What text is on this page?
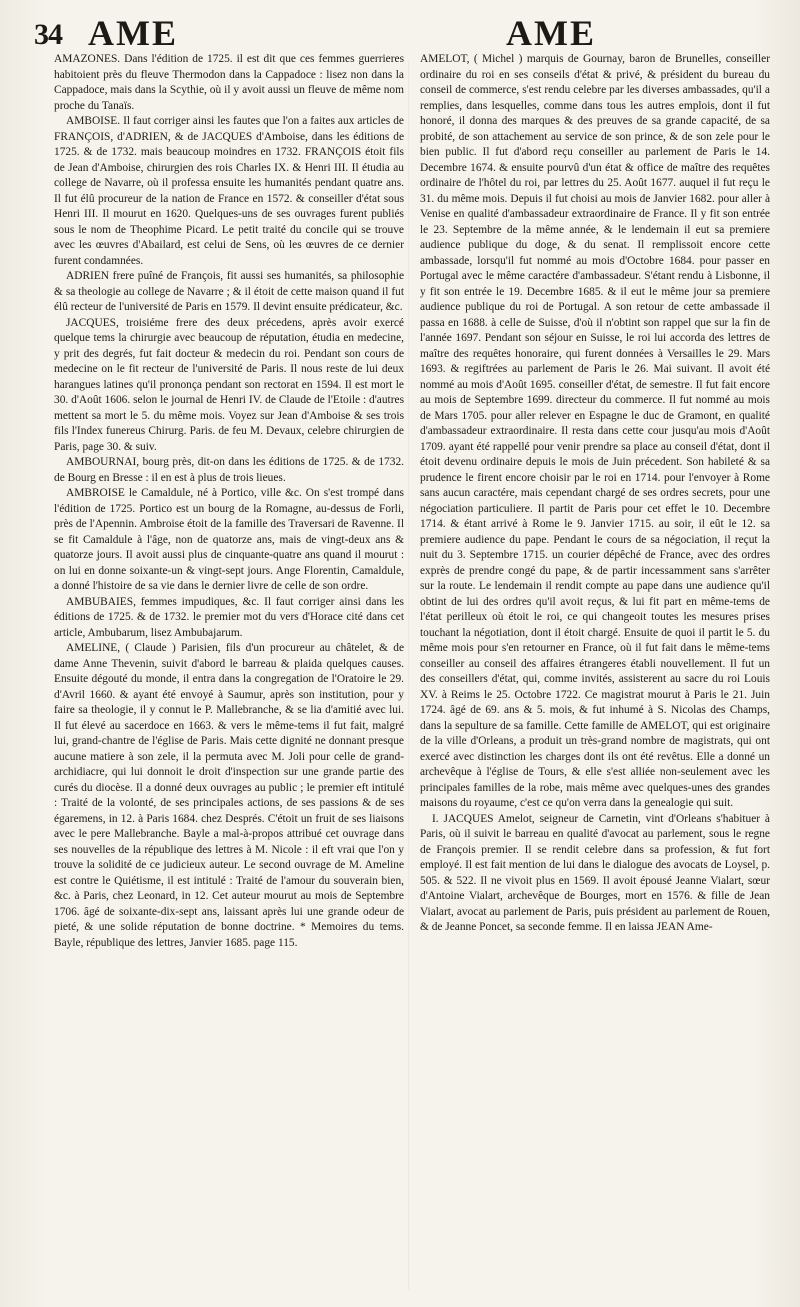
34 AME	AME

AMAZONES. Dans l'édition de 1725. il est dit que ces femmes guerrieres habitoient près du fleuve Thermodon dans la Cappadoce : lisez non dans la Cappadoce, mais dans la Scythie, où il y avoit aussi un fleuve de même nom proche du Tanaïs.

AMBOISE. Il faut corriger ainsi les fautes que l'on a faites aux articles de FRANÇOIS, d'ADRIEN, & de JACQUES d'Amboise, dans les éditions de 1725. & de 1732. mais beaucoup moindres en 1732. FRANÇOIS étoit fils de Jean d'Amboise, chirurgien des rois Charles IX. & Henri III. Il étudia au college de Navarre, où il professa ensuite les humanités pendant quatre ans. Il fut élû procureur de la nation de France en 1572. & conseiller d'état sous Henri III. Il mourut en 1620. Quelques-uns de ses ouvrages furent publiés sous le nom de Theophime Picard. Le petit traité du concile qui se trouve avec les œuvres d'Abailard, est celui de Sens, où les œuvres de ce dernier furent condamnées.

ADRIEN frere puîné de François, fit aussi ses humanités, sa philosophie & sa theologie au college de Navarre ; & il étoit de cette maison quand il fut élû recteur de l'université de Paris en 1579. Il devint ensuite prédicateur, &c.

JACQUES, troisiéme frere des deux précedens, après avoir exercé quelque tems la chirurgie avec beaucoup de réputation, étudia en medecine, y prit des degrés, fut fait docteur & medecin du roi. Pendant son cours de medecine on le fit recteur de l'université de Paris. Il nous reste de lui deux harangues latines qu'il prononça pendant son rectorat en 1594. Il est mort le 30. d'Août 1606. selon le journal de Henri IV. de Claude de l'Etoile : d'autres mettent sa mort le 5. du même mois. Voyez sur Jean d'Amboise & ses trois fils l'Index funereus Chirurg. Paris. de feu M. Devaux, celebre chirurgien de Paris, page 30. & suiv.

AMBOURNAI, bourg près, dit-on dans les éditions de 1725. & de 1732. de Bourg en Bresse : il en est à plus de trois lieues.

AMBROISE le Camaldule, né à Portico, ville &c. On s'est trompé dans l'édition de 1725. Portico est un bourg de la Romagne, au-dessus de Forli, près de l'Apennin. Ambroise étoit de la famille des Traversari de Ravenne. Il se fit Camaldule à l'âge, non de quatorze ans, mais de vingt-deux ans & quatorze jours. Il avoit aussi plus de cinquante-quatre ans quand il mourut : on lui en donne soixante-un & vingt-sept jours. Ange Florentin, Camaldule, a donné l'histoire de sa vie dans le dernier livre de celle de son ordre.

AMBUBAIES, femmes impudiques, &c. Il faut corriger ainsi dans les éditions de 1725. & de 1732. le premier mot du vers d'Horace cité dans cet article, Ambubarum, lisez Ambubajarum.

AMELINE, ( Claude ) Parisien, fils d'un procureur au châtelet, & de dame Anne Thevenin, suivit d'abord le barreau & plaida quelques causes. Ensuite dégouté du monde, il entra dans la congregation de l'Oratoire le 29. d'Avril 1660. & ayant été envoyé à Saumur, après son institution, pour y faire sa theologie, il y connut le P. Mallebranche, & se lia d'amitié avec lui. Il fut élevé au sacerdoce en 1663. & vers le même-tems il fut fait, malgré lui, grand-chantre de l'église de Paris. Mais cette dignité ne donnant presque aucune matiere à son zele, il la permuta avec M. Joli pour celle de grand-archidiacre, qui lui donnoit le droit d'inspection sur une grande partie des curés du diocèse. Il a donné deux ouvrages au public ; le premier eft intitulé : Traité de la volonté, de ses principales actions, de ses passions & de ses égaremens, in 12. à Paris 1684. chez Després. C'étoit un fruit de ses liaisons avec le pere Mallebranche. Bayle a mal-à-propos attribué cet ouvrage dans ses nouvelles de la république des lettres à M. Nicole : il eft vrai que l'on y trouve la solidité de ce judicieux auteur. Le second ouvrage de M. Ameline est contre le Quiétisme, il est intitulé : Traité de l'amour du souverain bien, &c. à Paris, chez Leonard, in 12. Cet auteur mourut au mois de Septembre 1706. âgé de soixante-dix-sept ans, laissant après lui une grande odeur de pieté, & une solide réputation de bonne doctrine. * Memoires du tems. Bayle, république des lettres, Janvier 1685. page 115.

AMELOT, ( Michel ) marquis de Gournay, baron de Brunelles, conseiller ordinaire du roi en ses conseils d'état & privé, & président du bureau du conseil de commerce, s'est rendu celebre par les diverses ambassades, qu'il a remplies, dans lesquelles, comme dans tous les autres emplois, dont il fut honoré, il donna des marques & des preuves de sa grande capacité, de sa probité, de son attachement au service de son prince, & de son zele pour le bien public. Il fut d'abord reçu conseiller au parlement de Paris le 14. Decembre 1674. & ensuite pourvû d'un état & office de maître des requêtes ordinaire de l'hôtel du roi, par lettres du 25. Août 1677. auquel il fut reçu le 31. du même mois. Depuis il fut choisi au mois de Janvier 1682. pour aller à Venise en qualité d'ambassadeur extraordinaire de France. Il y fit son entrée le 23. Septembre de la même année, & le lendemain il eut sa premiere audience publique du doge, & du senat. Il remplissoit encore cette ambassade, lorsqu'il fut nommé au mois d'Octobre 1684. pour passer en Portugal avec le même caractére d'ambassadeur. S'étant rendu à Lisbonne, il y fit son entrée le 19. Decembre 1685. & il eut le même jour sa premiere audience publique du roi de Portugal. A son retour de cette ambassade il passa en 1688. à celle de Suisse, d'où il n'obtint son rappel que sur la fin de l'année 1697. Pendant son séjour en Suisse, le roi lui accorda des lettres de maître des requêtes honoraire, qui furent données à Versailles le 29. Mars 1693. & regiftrées au parlement de Paris le 26. Mai suivant. Il avoit été nommé au mois d'Août 1695. conseiller d'état, de semestre. Il fut fait encore au mois de Septembre 1699. directeur du commerce. Il fut nommé au mois de Mars 1705. pour aller relever en Espagne le duc de Gramont, en qualité d'ambassadeur extraordinaire. Il resta dans cette cour jusqu'au mois d'Août 1709. ayant été rappellé pour venir prendre sa place au conseil d'état, dont il étoit devenu ordinaire depuis le mois de Juin précedent. Son habileté & sa prudence le firent encore choisir par le roi en 1714. pour l'envoyer à Rome sans aucun caractére, mais cependant chargé de ses ordres secrets, pour une négociation particuliere. Il partit de Paris pour cet effet le 10. Decembre 1714. & étant arrivé à Rome le 9. Janvier 1715. au soir, il eût le 12. sa premiere audience du pape. Pendant le cours de sa négociation, il reçut la nuit du 3. Septembre 1715. un courier dépêché de France, avec des ordres exprès de prendre congé du pape, & de partir incessamment sans s'arrêter sur la route. Le lendemain il rendit compte au pape dans une audience qu'il obtint de lui des ordres qu'il avoit reçus, & lui fit part en même-tems de l'état perilleux où étoit le roi, ce qui changeoit toutes les mesures prises touchant la négotiation, dont il étoit chargé. Ensuite de quoi il partit le 5. du même mois pour s'en retourner en France, où il fut fait dans le même-tems conseiller au conseil des affaires étrangeres établi nouvellement. Il fut un des conseillers d'état, qui, comme invités, assisterent au sacre du roi Louis XV. à Reims le 25. Octobre 1722. Ce magistrat mourut à Paris le 21. Juin 1724. âgé de 69. ans & 5. mois, & fut inhumé à S. Nicolas des Champs, dans la sepulture de sa famille. Cette famille de AMELOT, qui est originaire de la ville d'Orleans, a produit un très-grand nombre de magistrats, qui ont exercé avec distinction les charges dont ils ont été revêtus. Elle a donné un archevêque à l'église de Tours, & elle s'est alliée non-seulement avec les principales familles de la robe, mais même avec quelques-unes des grandes maisons du royaume, c'est ce qu'on verra dans la genealogie qui suit.

I. JACQUES Amelot, seigneur de Carnetin, vint d'Orleans s'habituer à Paris, où il suivit le barreau en qualité d'avocat au parlement, sous le regne de François premier. Il se rendit celebre dans sa profession, & fut fort employé. Il est fait mention de lui dans le dialogue des avocats de Loysel, p. 505. & 522. Il ne vivoit plus en 1569. Il avoit épousé Jeanne Vialart, sœur d'Antoine Vialart, archevêque de Bourges, mort en 1576. & fille de Jean Vialart, avocat au parlement de Paris, puis président au parlement de Rouen, & de Jeanne Poncet, sa seconde femme. Il en laissa JEAN Ame-
